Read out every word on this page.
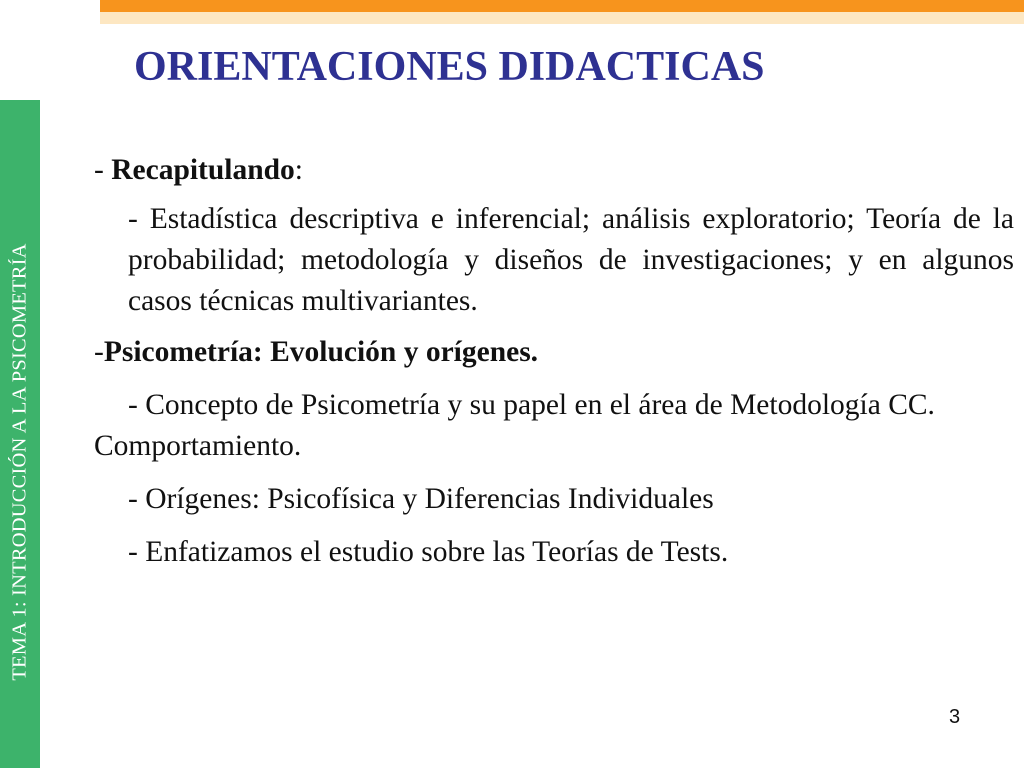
TEMA 1: INTRODUCCIÓN A LA PSICOMETRÍA
ORIENTACIONES DIDACTICAS

- Recapitulando:

- Estadística descriptiva e inferencial; análisis exploratorio; Teoría de la probabilidad; metodología y diseños de investigaciones; y en algunos casos técnicas multivariantes.

-Psicometría: Evolución y orígenes.

- Concepto de Psicometría y su papel en el área de Metodología CC. Comportamiento.

- Orígenes: Psicofísica y Diferencias Individuales

- Enfatizamos el estudio sobre las Teorías de Tests.

3
